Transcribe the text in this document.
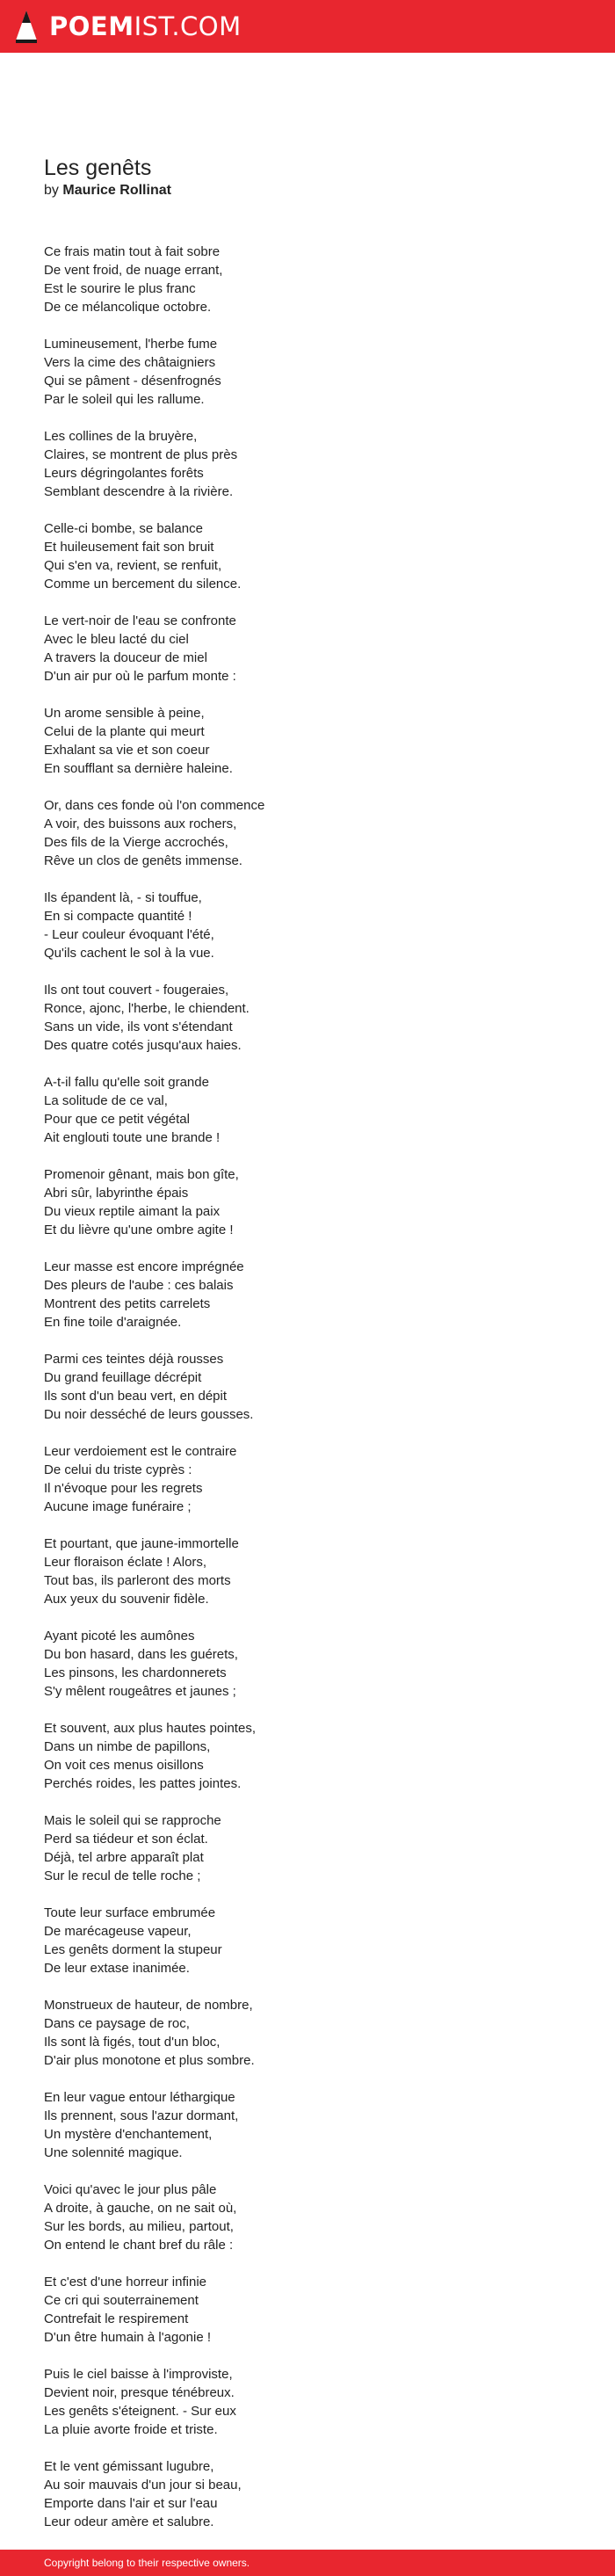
POEMIST.COM
Les genêts
by Maurice Rollinat
Ce frais matin tout à fait sobre
De vent froid, de nuage errant,
Est le sourire le plus franc
De ce mélancolique octobre.
Lumineusement, l'herbe fume
Vers la cime des châtaigniers
Qui se pâment - désenfrognés
Par le soleil qui les rallume.
Les collines de la bruyère,
Claires, se montrent de plus près
Leurs dégringolantes forêts
Semblant descendre à la rivière.
Celle-ci bombe, se balance
Et huileusement fait son bruit
Qui s'en va, revient, se renfuit,
Comme un bercement du silence.
Le vert-noir de l'eau se confronte
Avec le bleu lacté du ciel
A travers la douceur de miel
D'un air pur où le parfum monte :
Un arome sensible à peine,
Celui de la plante qui meurt
Exhalant sa vie et son coeur
En soufflant sa dernière haleine.
Or, dans ces fonde où l'on commence
A voir, des buissons aux rochers,
Des fils de la Vierge accrochés,
Rêve un clos de genêts immense.
Ils épandent là, - si touffue,
En si compacte quantité !
- Leur couleur évoquant l'été,
Qu'ils cachent le sol à la vue.
Ils ont tout couvert - fougeraies,
Ronce, ajonc, l'herbe, le chiendent.
Sans un vide, ils vont s'étendant
Des quatre cotés jusqu'aux haies.
A-t-il fallu qu'elle soit grande
La solitude de ce val,
Pour que ce petit végétal
Ait englouti toute une brande !
Promenoir gênant, mais bon gîte,
Abri sûr, labyrinthe épais
Du vieux reptile aimant la paix
Et du lièvre qu'une ombre agite !
Leur masse est encore imprégnée
Des pleurs de l'aube : ces balais
Montrent des petits carrelets
En fine toile d'araignée.
Parmi ces teintes déjà rousses
Du grand feuillage décrépit
Ils sont d'un beau vert, en dépit
Du noir desséché de leurs gousses.
Leur verdoiement est le contraire
De celui du triste cyprès :
Il n'évoque pour les regrets
Aucune image funéraire ;
Et pourtant, que jaune-immortelle
Leur floraison éclate ! Alors,
Tout bas, ils parleront des morts
Aux yeux du souvenir fidèle.
Ayant picoté les aumônes
Du bon hasard, dans les guérets,
Les pinsons, les chardonnerets
S'y mêlent rougeâtres et jaunes ;
Et souvent, aux plus hautes pointes,
Dans un nimbe de papillons,
On voit ces menus oisillons
Perchés roides, les pattes jointes.
Mais le soleil qui se rapproche
Perd sa tiédeur et son éclat.
Déjà, tel arbre apparaît plat
Sur le recul de telle roche ;
Toute leur surface embrumée
De marécageuse vapeur,
Les genêts dorment la stupeur
De leur extase inanimée.
Monstrueux de hauteur, de nombre,
Dans ce paysage de roc,
Ils sont là figés, tout d'un bloc,
D'air plus monotone et plus sombre.
En leur vague entour léthargique
Ils prennent, sous l'azur dormant,
Un mystère d'enchantement,
Une solennité magique.
Voici qu'avec le jour plus pâle
A droite, à gauche, on ne sait où,
Sur les bords, au milieu, partout,
On entend le chant bref du râle :
Et c'est d'une horreur infinie
Ce cri qui souterrainement
Contrefait le respirement
D'un être humain à l'agonie !
Puis le ciel baisse à l'improviste,
Devient noir, presque ténébreux.
Les genêts s'éteignent. - Sur eux
La pluie avorte froide et triste.
Et le vent gémissant lugubre,
Au soir mauvais d'un jour si beau,
Emporte dans l'air et sur l'eau
Leur odeur amère et salubre.
Copyright belong to their respective owners.
